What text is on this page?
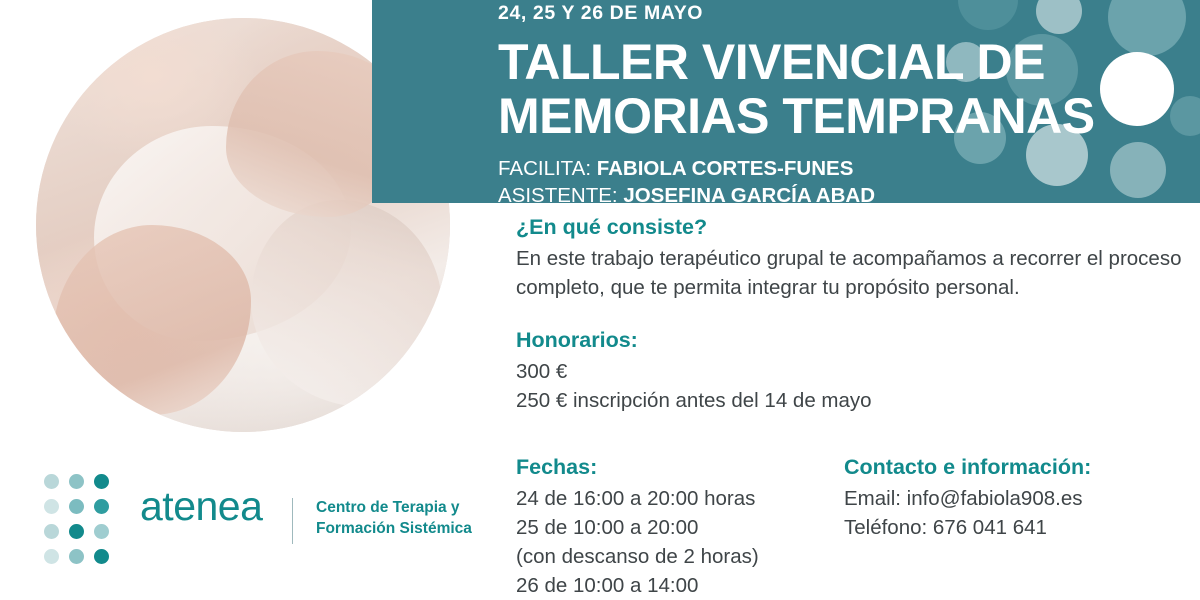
atenea	Centro de Terapia y
Formación Sistémica
24, 25 Y 26 DE MAYO
TALLER VIVENCIAL DE
MEMORIAS TEMPRANAS
FACILITA: FABIOLA CORTES-FUNES
ASISTENTE: JOSEFINA GARCÍA ABAD
¿En qué consiste?

En este trabajo terapéutico grupal te acompañamos a recorrer el proceso completo, que te permita integrar tu propósito personal.

Honorarios:
300 €
250 € inscripción antes del 14 de mayo
Fechas:
24 de 16:00 a 20:00 horas
25 de 10:00 a 20:00
(con descanso de 2 horas)
26 de 10:00 a 14:00
Contacto e información:
Email: info@fabiola908.es
Teléfono: 676 041 641
